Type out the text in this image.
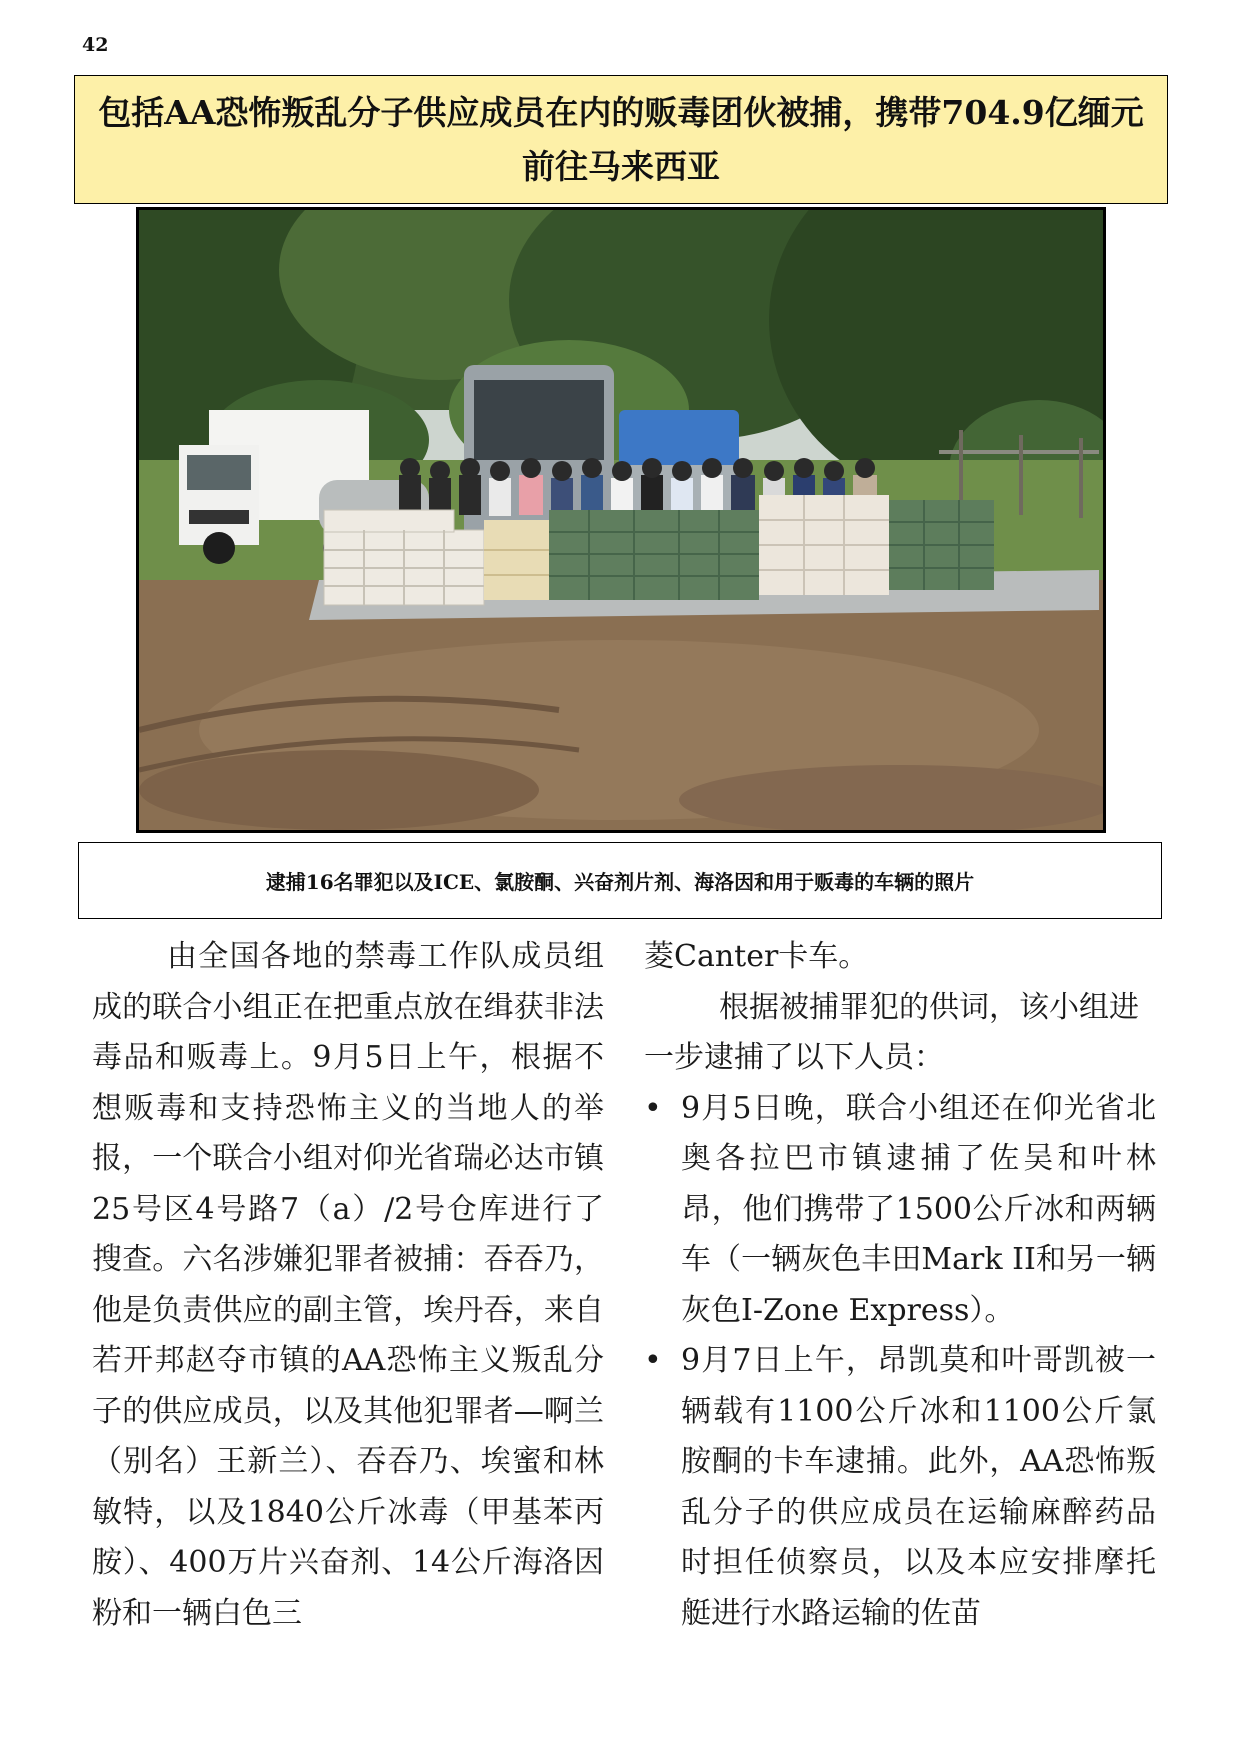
42
包括AA恐怖叛乱分子供应成员在内的贩毒团伙被捕，携带704.9亿缅元前往马来西亚

逮捕16名罪犯以及ICE、氯胺酮、兴奋剂片剂、海洛因和用于贩毒的车辆的照片

由全国各地的禁毒工作队成员组成的联合小组正在把重点放在缉获非法毒品和贩毒上。9月5日上午，根据不想贩毒和支持恐怖主义的当地人的举报，一个联合小组对仰光省瑞必达市镇25号区4号路7（a）/2号仓库进行了搜查。六名涉嫌犯罪者被捕：吞吞乃，他是负责供应的副主管，埃丹吞，来自若开邦赵夺市镇的AA恐怖主义叛乱分子的供应成员，以及其他犯罪者—啊兰（别名）王新兰）、吞吞乃、埃蜜和林敏特，以及1840公斤冰毒（甲基苯丙胺）、400万片兴奋剂、14公斤海洛因粉和一辆白色三

菱Canter卡车。

根据被捕罪犯的供词，该小组进一步逮捕了以下人员：

• 9月5日晚，联合小组还在仰光省北奥各拉巴市镇逮捕了佐吴和叶林昂，他们携带了1500公斤冰和两辆车（一辆灰色丰田Mark II和另一辆灰色I-Zone Express）。
• 9月7日上午，昂凯莫和叶哥凯被一辆载有1100公斤冰和1100公斤氯胺酮的卡车逮捕。此外，AA恐怖叛乱分子的供应成员在运输麻醉药品时担任侦察员，以及本应安排摩托艇进行水路运输的佐苗
